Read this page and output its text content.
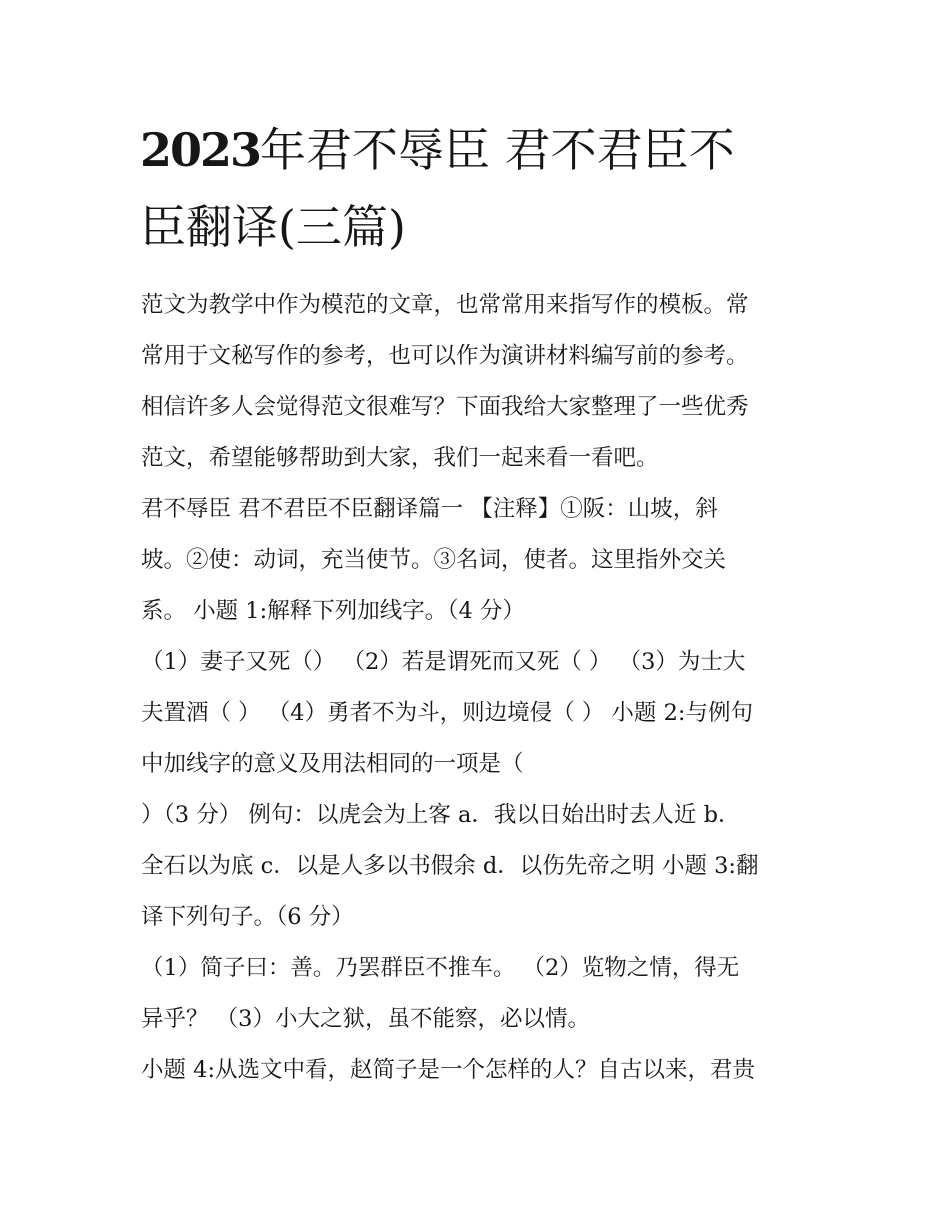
2023年君不辱臣 君不君臣不
臣翻译(三篇)
范文为教学中作为模范的文章，也常常用来指写作的模板。常
常用于文秘写作的参考，也可以作为演讲材料编写前的参考。
相信许多人会觉得范文很难写？下面我给大家整理了一些优秀
范文，希望能够帮助到大家，我们一起来看一看吧。
君不辱臣 君不君臣不臣翻译篇一 【注释】①阪：山坡，斜
坡。②使：动词，充当使节。③名词，使者。这里指外交关
系。 小题 1:解释下列加线字。（4 分）
（1）妻子又死（） （2）若是谓死而又死（ ） （3）为士大
夫置酒（ ） （4）勇者不为斗，则边境侵（ ） 小题 2:与例句
中加线字的意义及用法相同的一项是（
）（3 分） 例句：以虎会为上客 a．我以日始出时去人近 b．
全石以为底 c．以是人多以书假余 d．以伤先帝之明 小题 3:翻
译下列句子。（6 分）
（1）简子曰：善。乃罢群臣不推车。 （2）览物之情，得无
异乎？ （3）小大之狱，虽不能察，必以情。
小题 4:从选文中看，赵简子是一个怎样的人？自古以来，君贵
